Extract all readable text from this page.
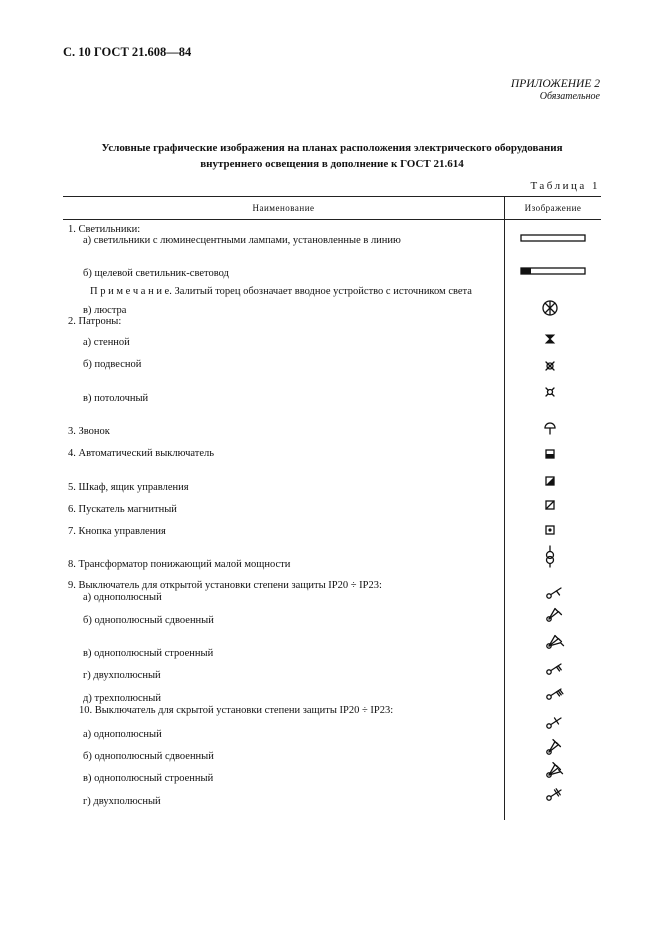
С. 10 ГОСТ 21.608—84
ПРИЛОЖЕНИЕ 2
Обязательное
Условные графические изображения на планах расположения электрического оборудования
внутреннего освещения в дополнение к ГОСТ 21.614
Таблица 1
Наименование	Изображение
1. Светильники:
а) светильники с люминесцентными лампами, установленные в линию
б) щелевой светильник-световод
П р и м е ч а н и е. Залитый торец обозначает вводное устройство с источником света
в) люстра
2. Патроны:
а) стенной
б) подвесной
в) потолочный
3. Звонок
4. Автоматический выключатель
5. Шкаф, ящик управления
6. Пускатель магнитный
7. Кнопка управления
8. Трансформатор понижающий малой мощности
9. Выключатель для открытой установки степени защиты IP20 ÷ IP23:
а) однополюсный
б) однополюсный сдвоенный
в) однополюсный строенный
г) двухполюсный
д) трехполюсный
10. Выключатель для скрытой установки степени защиты IP20 ÷ IP23:
а) однополюсный
б) однополюсный сдвоенный
в) однополюсный строенный
г) двухполюсный
